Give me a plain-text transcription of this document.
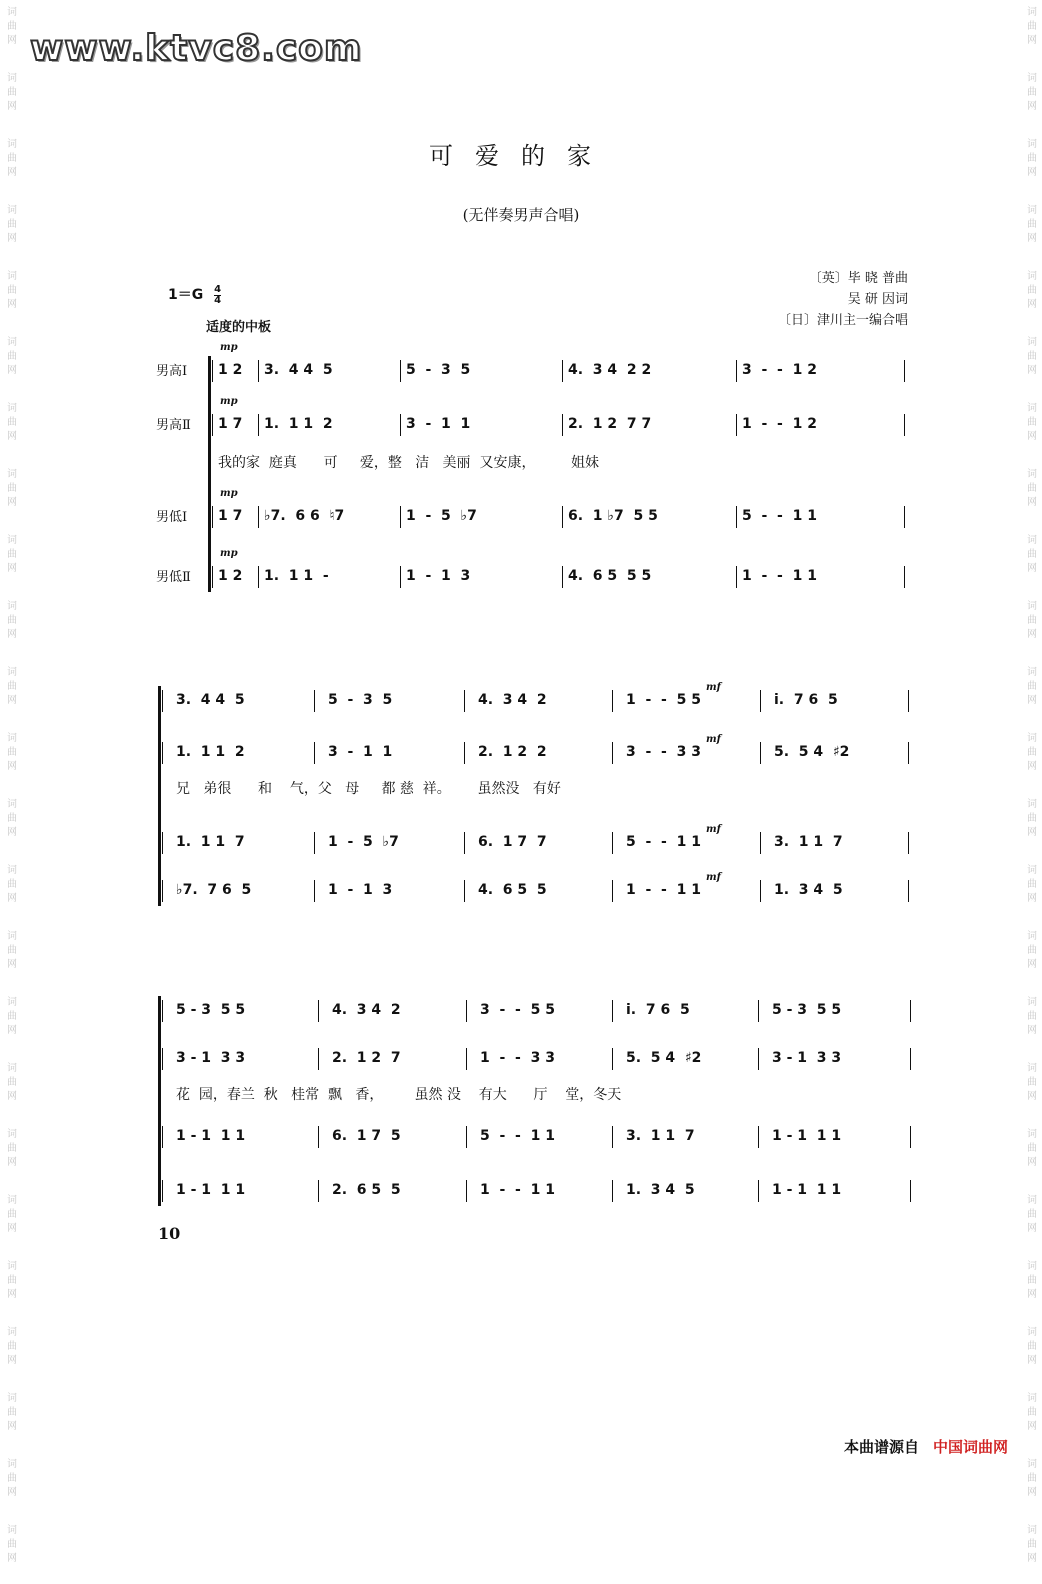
www.ktvc8.com
词
曲
网
词
曲
网
词
曲
网
词
曲
网
词
曲
网
词
曲
网
词
曲
网
词
曲
网
词
曲
网
词
曲
网
词
曲
网
词
曲
网
词
曲
网
词
曲
网
词
曲
网
词
曲
网
词
曲
网
词
曲
网
词
曲
网
词
曲
网
词
曲
网
词
曲
网
词
曲
网
词
曲
网
词
曲
网
词
曲
网
词
曲
网
词
曲
网
词
曲
网
词
曲
网
词
曲
网
词
曲
网
词
曲
网
词
曲
网
词
曲
网
词
曲
网
词
曲
网
词
曲
网
词
曲
网
词
曲
网
词
曲
网
词
曲
网
词
曲
网
词
曲
网
词
曲
网
词
曲
网
词
曲
网
词
曲
网
可爱的家
(无伴奏男声合唱)
$1=G \frac{4}{4}$
适度的中板
〔英〕毕 晓 普曲
吴 研 因词
〔日〕津川主一编合唱
男高Ⅰ
mp
1 2 3.  4 4  5	5  -  3  5	4.  3 4  2 2	3  -  -  1 2
男高Ⅱ
mp
1 7 1.  1 1  2	3  -  1  1	2.  1 2  7 7	1  -  -  1 2
男低Ⅰ
mp
1 7 ♭7.  6 6  ♮7	1  -  5  ♭7	6.  1 ♭7  5 5	5  -  -  1 1
男低Ⅱ
mp
1 2 1.  1 1  -	1  -  1  3	4.  6 5  5 5	1  -  -  1 1
我的家  庭真      可     爱，整   洁   美丽  又安康，        姐妹
3.  4 4  5	5  -  3  5	4.  3 4  2	1  -  -  5 5	i.  7 6  5
mf
1.  1 1  2	3  -  1  1	2.  1 2  2	3  -  -  3 3	5.  5 4  ♯2
mf
1.  1 1  7	1  -  5  ♭7	6.  1 7  7	5  -  -  1 1	3.  1 1  7
mf
♭7.  7 6  5	1  -  1  3	4.  6 5  5	1  -  -  1 1	1.  3 4  5
mf
兄   弟很      和    气，父   母     都 慈  祥。      虽然没   有好
5 - 3  5 5	4.  3 4  2	3  -  -  5 5	i.  7 6  5	5 - 3  5 5
3 - 1  3 3	2.  1 2  7	1  -  -  3 3	5.  5 4  ♯2	3 - 1  3 3
1 - 1  1 1	6.  1 7  5	5  -  -  1 1	3.  1 1  7	1 - 1  1 1
1 - 1  1 1	2.  6 5  5	1  -  -  1 1	1.  3 4  5	1 - 1  1 1
花  园，春兰  秋   桂常  飘   香，       虽然 没    有大      厅    堂，冬天
10
本曲谱源自 中国词曲网
